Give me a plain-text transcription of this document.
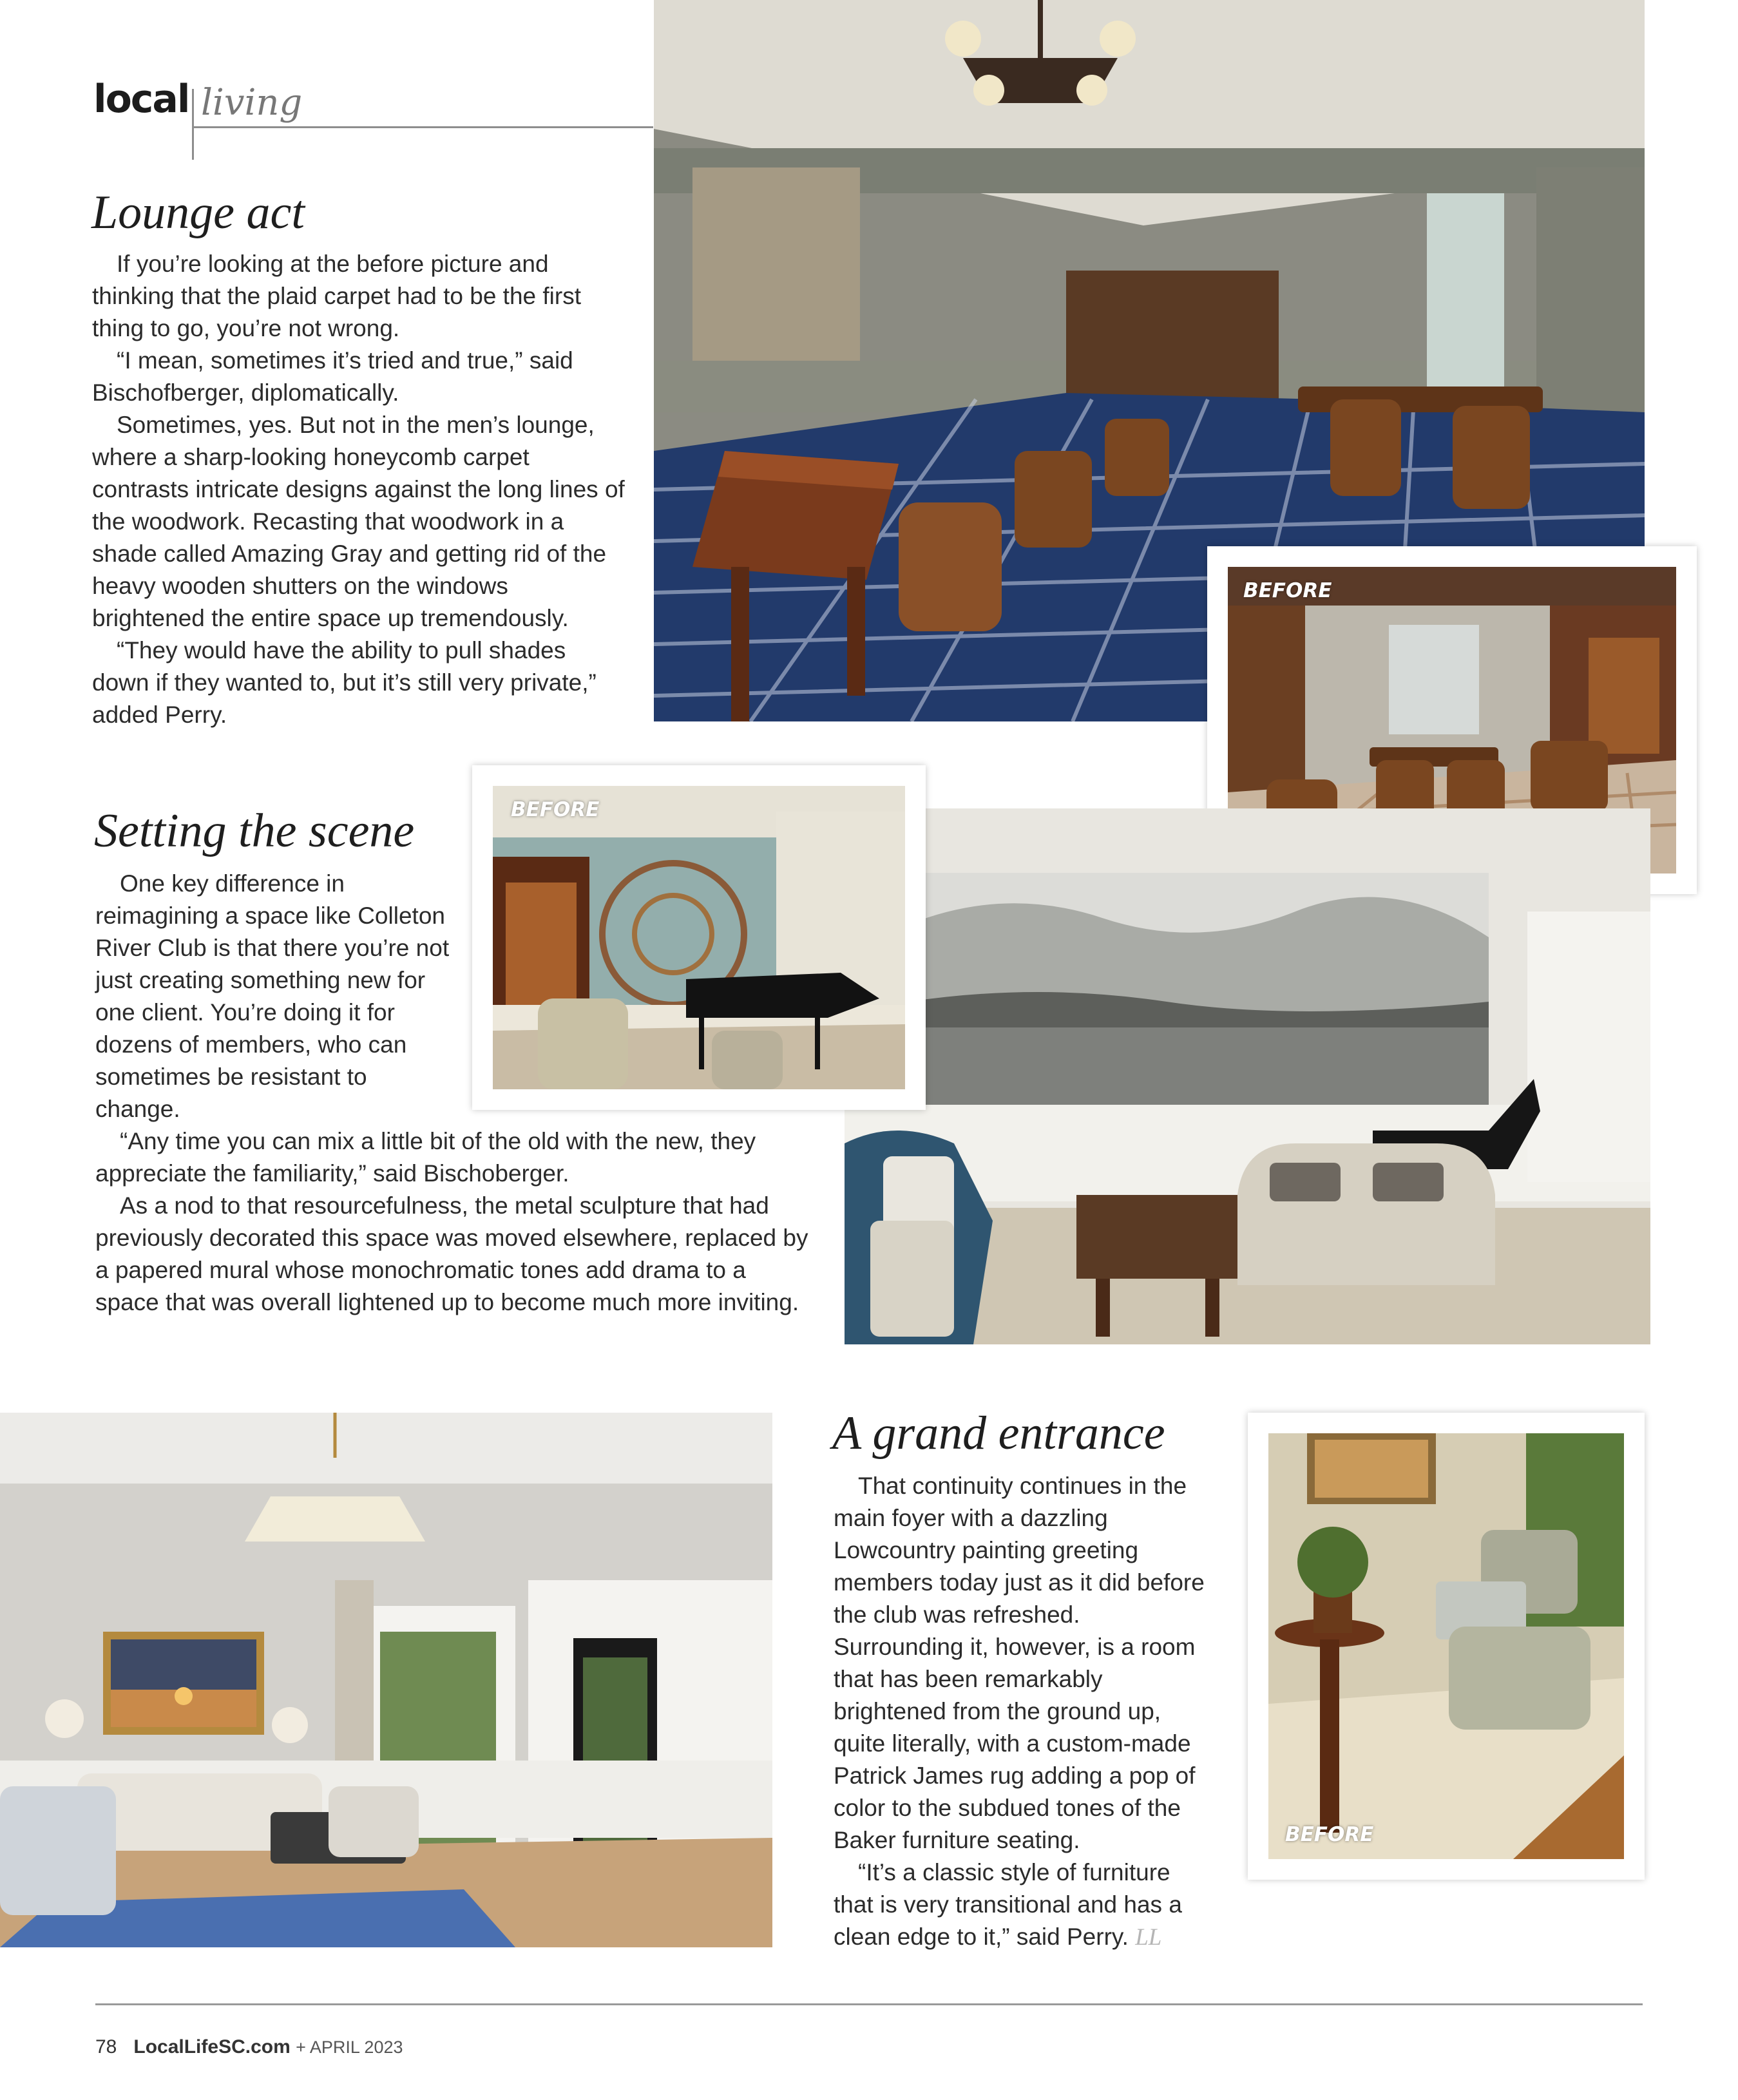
local living
Lounge act

If you’re looking at the before picture and thinking that the plaid carpet had to be the first thing to go, you’re not wrong.

“I mean, sometimes it’s tried and true,” said Bischofberger, diplomatically.

Sometimes, yes. But not in the men’s lounge, where a sharp-looking honeycomb carpet contrasts intricate designs against the long lines of the woodwork. Recasting that woodwork in a shade called Amazing Gray and getting rid of the heavy wooden shutters on the windows brightened the entire space up tremendously.

“They would have the ability to pull shades down if they wanted to, but it’s still very private,” added Perry.

BEFORE
Setting the scene

One key difference in reimagining a space like Colleton River Club is that there you’re not just creating something new for one client. You’re doing it for dozens of members, who can sometimes be resistant to change.

“Any time you can mix a little bit of the old with the new, they appreciate the familiarity,” said Bischoberger.

As a nod to that resourcefulness, the metal sculpture that had previously decorated this space was moved elsewhere, replaced by a papered mural whose monochromatic tones add drama to a space that was overall lightened up to become much more inviting.

BEFORE
A grand entrance

That continuity continues in the main foyer with a dazzling Lowcountry painting greeting members today just as it did before the club was refreshed. Surrounding it, however, is a room that has been remarkably brightened from the ground up, quite literally, with a custom-made Patrick James rug adding a pop of color to the subdued tones of the Baker furniture seating.

“It’s a classic style of furniture that is very transitional and has a clean edge to it,” said Perry. LL

BEFORE
78 LocalLifeSC.com + APRIL 2023
